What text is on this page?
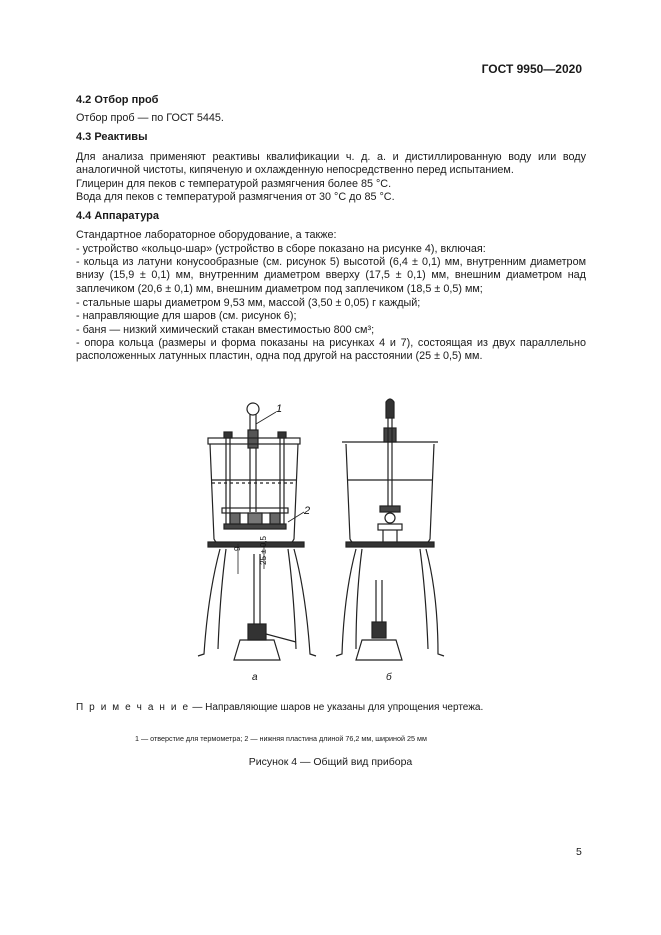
ГОСТ 9950—2020
4.2 Отбор проб
Отбор проб — по ГОСТ 5445.
4.3 Реактивы
Для анализа применяют реактивы квалификации ч. д. а. и дистиллированную воду или воду аналогичной чистоты, кипяченую и охлажденную непосредственно перед испытанием.
Глицерин для пеков с температурой размягчения более 85 °С.
Вода для пеков с температурой размягчения от 30 °С до 85 °С.
4.4 Аппаратура
Стандартное лабораторное оборудование, а также:
- устройство «кольцо-шар» (устройство в сборе показано на рисунке 4), включая:
- кольца из латуни конусообразные (см. рисунок 5) высотой (6,4 ± 0,1) мм, внутренним диаметром внизу (15,9 ± 0,1) мм, внутренним диаметром вверху (17,5 ± 0,1) мм, внешним диаметром над заплечиком (20,6 ± 0,1) мм, внешним диаметром под заплечиком (18,5 ± 0,5) мм;
- стальные шары диаметром 9,53 мм, массой (3,50 ± 0,05) г каждый;
- направляющие для шаров (см. рисунок 6);
- баня — низкий химический стакан вместимостью 800 см³;
- опора кольца (размеры и форма показаны на рисунках 4 и 7), состоящая из двух параллельно расположенных латунных пластин, одна под другой на расстоянии (25 ± 0,5) мм.
1
2
25 ± 0,5
9
а	б
П р и м е ч а н и е — Направляющие шаров не указаны для упрощения чертежа.
1 — отверстие для термометра; 2 — нижняя пластина длиной 76,2 мм, шириной 25 мм
Рисунок 4 — Общий вид прибора
5
